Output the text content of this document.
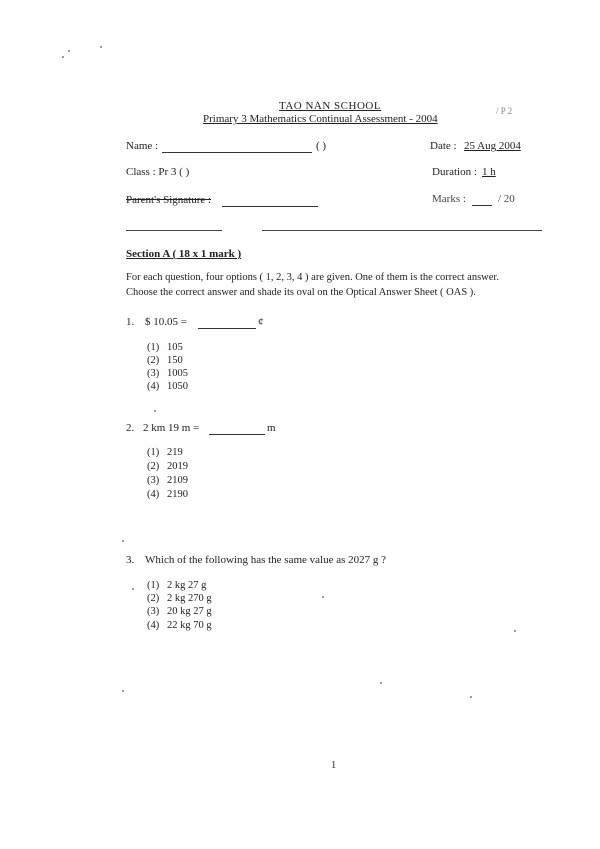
TAO NAN SCHOOL
Primary 3 Mathematics Continual Assessment - 2004
/ P 2
Name :	( )	Date : 25 Aug 2004
Class : Pr 3 ( )	Duration : 1 h
Parent's Signature :	Marks :	/ 20
Section A ( 18 x 1 mark )
For each question, four options ( 1, 2, 3, 4 ) are given. One of them is the correct answer.
Choose the correct answer and shade its oval on the Optical Answer Sheet ( OAS ).
1. $ 10.05 =	¢
(1) 105
(2) 150
(3) 1005
(4) 1050
2. 2 km 19 m =	m
(1) 219
(2) 2019
(3) 2109
(4) 2190
3. Which of the following has the same value as 2027 g ?
(1) 2 kg 27 g
(2) 2 kg 270 g
(3) 20 kg 27 g
(4) 22 kg 70 g
1
